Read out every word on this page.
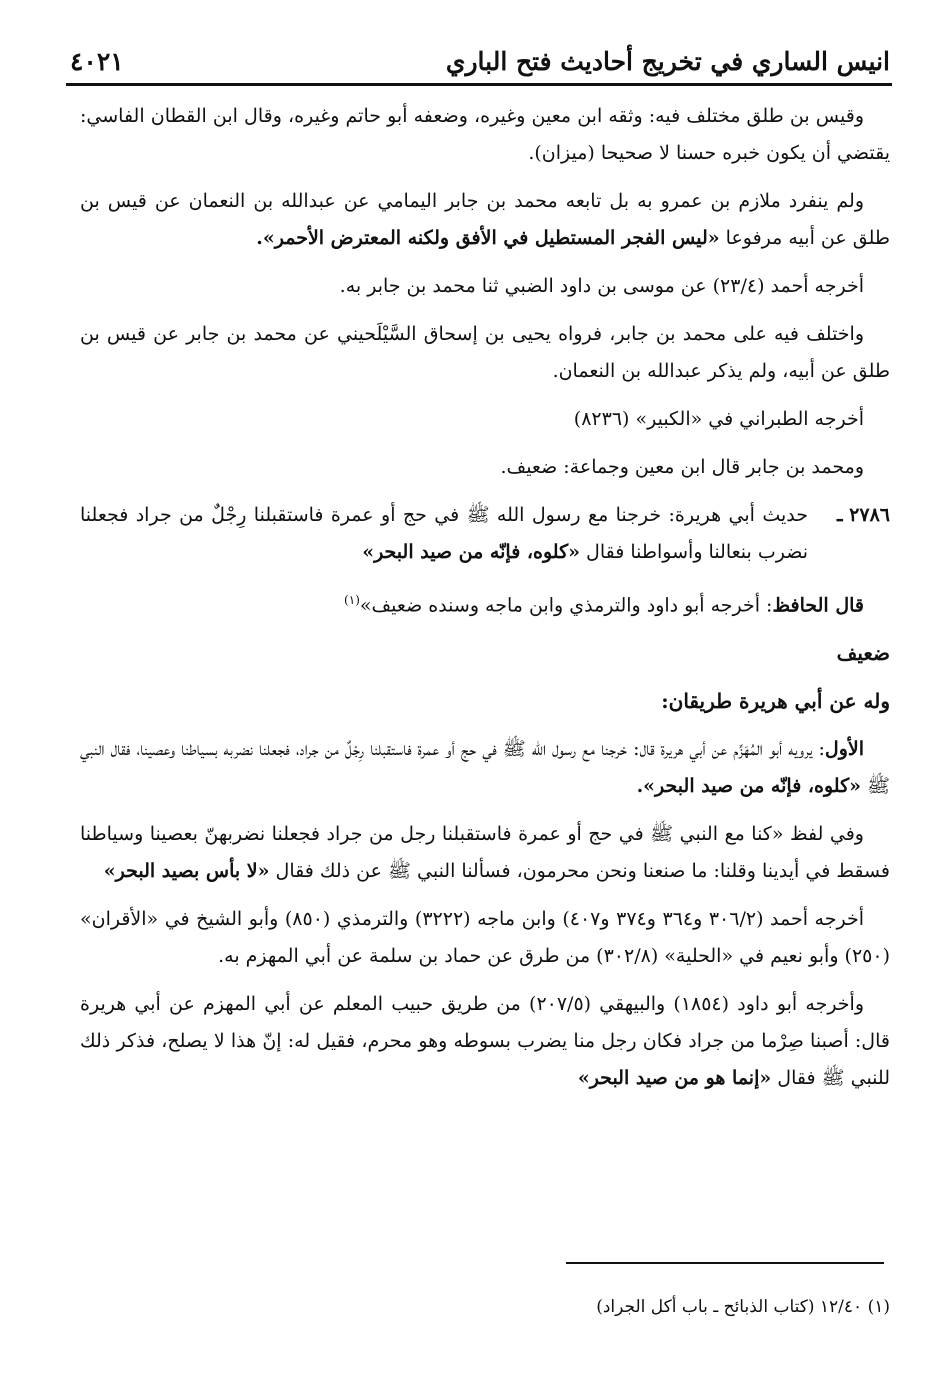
انيس الساري في تخريج أحاديث فتح الباري
٤٠٢١

وقيس بن طلق مختلف فيه: وثقه ابن معين وغيره، وضعفه أبو حاتم وغيره، وقال ابن القطان الفاسي: يقتضي أن يكون خبره حسنا لا صحيحا (ميزان).

ولم ينفرد ملازم بن عمرو به بل تابعه محمد بن جابر اليمامي عن عبدالله بن النعمان عن قيس بن طلق عن أبيه مرفوعا «ليس الفجر المستطيل في الأفق ولكنه المعترض الأحمر».

أخرجه أحمد (٢٣/٤) عن موسى بن داود الضبي ثنا محمد بن جابر به.

واختلف فيه على محمد بن جابر، فرواه يحيى بن إسحاق السَّيْلَحيني عن محمد بن جابر عن قيس بن طلق عن أبيه، ولم يذكر عبدالله بن النعمان.

أخرجه الطبراني في «الكبير» (٨٢٣٦)

ومحمد بن جابر قال ابن معين وجماعة: ضعيف.

٢٧٨٦ ـ
حديث أبي هريرة: خرجنا مع رسول الله ﷺ في حج أو عمرة فاستقبلنا رِجْلٌ من جراد فجعلنا نضرب بنعالنا وأسواطنا فقال «كلوه، فإنّه من صيد البحر»

قال الحافظ: أخرجه أبو داود والترمذي وابن ماجه وسنده ضعيف»$^{(١)}$

ضعيف

وله عن أبي هريرة طريقان:

الأول: يرويه أبو المُهَزِّم عن أبي هريرة قال: خرجنا مع رسول الله ﷺ في حج أو عمرة فاستقبلنا رِجْلٌ من جراد، فجعلنا نضربه بسياطنا وعصينا، فقال النبي ﷺ «كلوه، فإنّه من صيد البحر».

وفي لفظ «كنا مع النبي ﷺ في حج أو عمرة فاستقبلنا رجل من جراد فجعلنا نضربهنّ بعصينا وسياطنا فسقط في أيدينا وقلنا: ما صنعنا ونحن محرمون، فسألنا النبي ﷺ عن ذلك فقال «لا بأس بصيد البحر»

أخرجه أحمد (٣٠٦/٢ و٣٦٤ و٣٧٤ و٤٠٧) وابن ماجه (٣٢٢٢) والترمذي (٨٥٠) وأبو الشيخ في «الأقران» (٢٥٠) وأبو نعيم في «الحلية» (٣٠٢/٨) من طرق عن حماد بن سلمة عن أبي المهزم به.

وأخرجه أبو داود (١٨٥٤) والبيهقي (٢٠٧/٥) من طريق حبيب المعلم عن أبي المهزم عن أبي هريرة قال: أصبنا صِرْما من جراد فكان رجل منا يضرب بسوطه وهو محرم، فقيل له: إنّ هذا لا يصلح، فذكر ذلك للنبي ﷺ فقال «إنما هو من صيد البحر»

(١) ١٢/٤٠ (كتاب الذبائح ـ باب أكل الجراد)
